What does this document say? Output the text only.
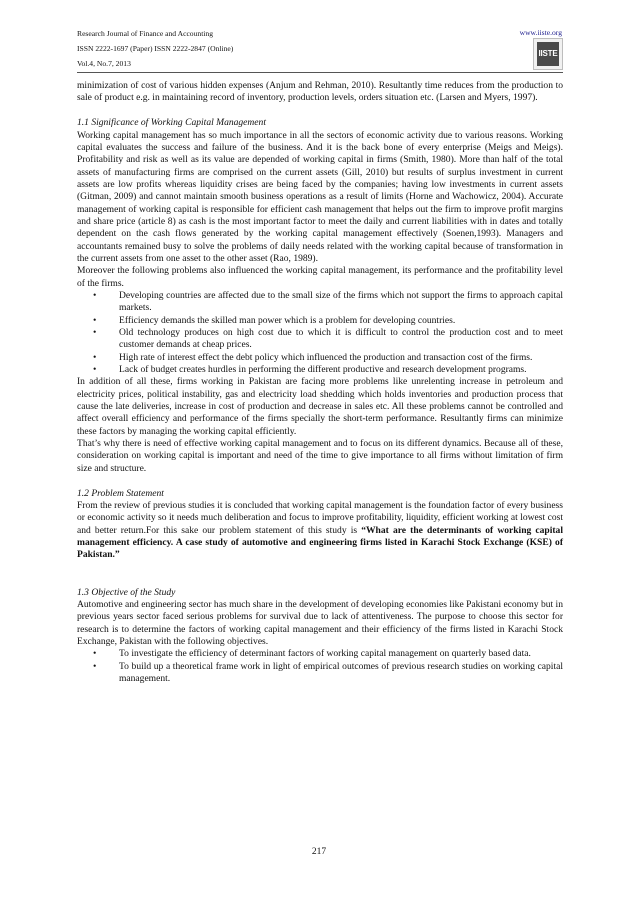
Research Journal of Finance and Accounting
ISSN 2222-1697 (Paper) ISSN 2222-2847 (Online)
Vol.4, No.7, 2013
www.iiste.org
IISTE

minimization of cost of various hidden expenses (Anjum and Rehman, 2010). Resultantly time reduces from the production to sale of product e.g. in maintaining record of inventory, production levels, orders situation etc. (Larsen and Myers, 1997).

1.1 Significance of Working Capital Management

Working capital management has so much importance in all the sectors of economic activity due to various reasons. Working capital evaluates the success and failure of the business. And it is the back bone of every enterprise (Meigs and Meigs). Profitability and risk as well as its value are depended of working capital in firms (Smith, 1980). More than half of the total assets of manufacturing firms are comprised on the current assets (Gill, 2010) but results of surplus investment in current assets are low profits whereas liquidity crises are being faced by the companies; having low investments in current assets (Gitman, 2009) and cannot maintain smooth business operations as a result of limits (Horne and Wachowicz, 2004). Accurate management of working capital is responsible for efficient cash management that helps out the firm to improve profit margins and share price (article 8) as cash is the most important factor to meet the daily and current liabilities with in dates and totally dependent on the cash flows generated by the working capital management effectively (Soenen,1993). Managers and accountants remained busy to solve the problems of daily needs related with the working capital because of transformation in the current assets from one asset to the other asset (Rao, 1989).

Moreover the following problems also influenced the working capital management, its performance and the profitability level of the firms.

• Developing countries are affected due to the small size of the firms which not support the firms to approach capital markets.
• Efficiency demands the skilled man power which is a problem for developing countries.
• Old technology produces on high cost due to which it is difficult to control the production cost and to meet customer demands at cheap prices.
• High rate of interest effect the debt policy which influenced the production and transaction cost of the firms.
• Lack of budget creates hurdles in performing the different productive and research development programs.

In addition of all these, firms working in Pakistan are facing more problems like unrelenting increase in petroleum and electricity prices, political instability, gas and electricity load shedding which holds inventories and production process that cause the late deliveries, increase in cost of production and decrease in sales etc. All these problems cannot be controlled and affect overall efficiency and performance of the firms specially the short-term performance. Resultantly firms can minimize these factors by managing the working capital efficiently.

That’s why there is need of effective working capital management and to focus on its different dynamics. Because all of these, consideration on working capital is important and need of the time to give importance to all firms without limitation of firm size and structure.

1.2 Problem Statement

From the review of previous studies it is concluded that working capital management is the foundation factor of every business or economic activity so it needs much deliberation and focus to improve profitability, liquidity, efficient working at lowest cost and better return.For this sake our problem statement of this study is “What are the determinants of working capital management efficiency. A case study of automotive and engineering firms listed in Karachi Stock Exchange (KSE) of Pakistan.”

1.3 Objective of the Study

Automotive and engineering sector has much share in the development of developing economies like Pakistani economy but in previous years sector faced serious problems for survival due to lack of attentiveness. The purpose to choose this sector for research is to determine the factors of working capital management and their efficiency of the firms listed in Karachi Stock Exchange, Pakistan with the following objectives.

• To investigate the efficiency of determinant factors of working capital management on quarterly based data.
• To build up a theoretical frame work in light of empirical outcomes of previous research studies on working capital management.
217
